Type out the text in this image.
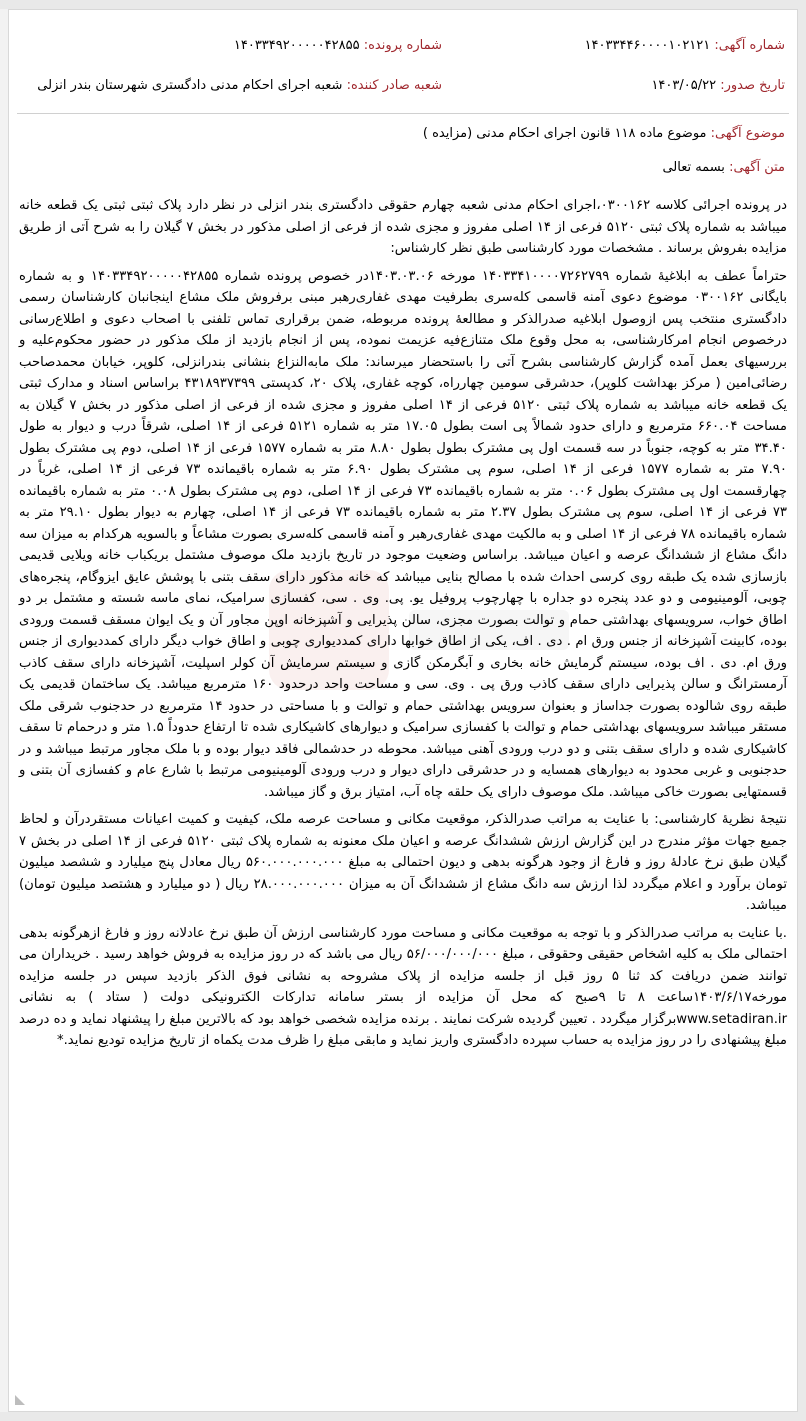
شماره آگهی: ۱۴۰۳۳۴۴۶۰۰۰۰۱۰۲۱۲۱
شماره پرونده: ۱۴۰۳۳۴۹۲۰۰۰۰۰۴۲۸۵۵
تاریخ صدور: ۱۴۰۳/۰۵/۲۲
شعبه صادر کننده: شعبه اجرای احکام مدنی دادگستری شهرستان بندر انزلی
موضوع آگهی: موضوع ماده ۱۱۸ قانون اجرای احکام مدنی (مزایده )
متن آگهی: بسمه تعالی

در پرونده اجرائی کلاسه ۰۳۰۰۱۶۲،اجرای احکام مدنی شعبه چهارم حقوقی دادگستری بندر انزلی در نظر دارد پلاک ثبتی ثبتی یک قطعه خانه میباشد به شماره پلاک ثبتی ۵۱۲۰ فرعی از ۱۴ اصلی مفروز و مجزی شده از فرعی از اصلی مذکور در بخش ۷ گیلان را به شرح آتی از طریق مزایده بفروش برساند . مشخصات مورد کارشناسی طبق نظر کارشناس:

حتراماً عطف به ابلاغیهٔ شماره ۱۴۰۳۳۴۱۰۰۰۰۷۲۶۲۷۹۹ مورخه ۱۴۰۳.۰۳.۰۶در خصوص پرونده شماره ۱۴۰۳۳۴۹۲۰۰۰۰۰۴۲۸۵۵ و به شماره بایگانی ۰۳۰۰۱۶۲ موضوع دعوی آمنه قاسمی کله‌سری بطرفیت مهدی غفاری‌رهبر مبنی برفروش ملک مشاع اینجانبان کارشناسان رسمی دادگستری منتخب پس ازوصول ابلاغیه صدرالذکر و مطالعهٔ پرونده مربوطه، ضمن برقراری تماس تلفنی با اصحاب دعوی و اطلاع‌رسانی درخصوص انجام امرکارشناسی، به محل وقوع ملک متنازع‌فیه عزیمت نموده، پس از انجام بازدید از ملک مذکور در حضور محکوم‌علیه و بررسیهای بعمل آمده گزارش کارشناسی بشرح آتی را باستحضار میرساند: ملک مابه‌النزاع بنشانی بندرانزلی، کلوپر، خیابان محمدصاحب رضائی‌امین ( مرکز بهداشت کلوپر)، حدشرقی سومین چهارراه، کوچه غفاری، پلاک ۲۰، کدپستی ۴۳۱۸۹۳۷۳۹۹ براساس اسناد و مدارک ثبتی یک قطعه خانه میباشد به شماره پلاک ثبتی ۵۱۲۰ فرعی از ۱۴ اصلی مفروز و مجزی شده از فرعی از اصلی مذکور در بخش ۷ گیلان به مساحت ۶۶۰.۰۴ مترمربع و دارای حدود شمالاً پی است بطول ۱۷.۰۵ متر به شماره ۵۱۲۱ فرعی از ۱۴ اصلی، شرقاً درب و دیوار به طول ۳۴.۴۰ متر به کوچه، جنوباً در سه قسمت اول پی مشترک بطول بطول ۸.۸۰ متر به شماره ۱۵۷۷ فرعی از ۱۴ اصلی، دوم پی مشترک بطول ۷.۹۰ متر به شماره ۱۵۷۷ فرعی از ۱۴ اصلی، سوم پی مشترک بطول ۶.۹۰ متر به شماره باقیمانده ۷۳ فرعی از ۱۴ اصلی، غرباً در چهارقسمت اول پی مشترک بطول ۰.۰۶ متر به شماره باقیمانده ۷۳ فرعی از ۱۴ اصلی، دوم پی مشترک بطول ۰.۰۸ متر به شماره باقیمانده ۷۳ فرعی از ۱۴ اصلی، سوم پی مشترک بطول ۲.۳۷ متر به شماره باقیمانده ۷۳ فرعی از ۱۴ اصلی، چهارم به دیوار بطول ۲۹.۱۰ متر به شماره باقیمانده ۷۸ فرعی از ۱۴ اصلی و به مالکیت مهدی غفاری‌رهبر و آمنه قاسمی کله‌سری بصورت مشاعاً و بالسویه هرکدام به میزان سه دانگ مشاع از ششدانگ عرصه و اعیان میباشد. براساس وضعیت موجود در تاریخ بازدید ملک موصوف مشتمل بریکباب خانه ویلایی قدیمی بازسازی شده یک طبقه روی کرسی احداث شده با مصالح بنایی میباشد که خانه مذکور دارای سقف بتنی با پوشش عایق ایزوگام، پنجره‌های چوبی، آلومینیومی و دو عدد پنجره دو جداره با چهارچوب پروفیل یو. پی. وی . سی، کفسازی سرامیک، نمای ماسه شسته و مشتمل بر دو اطاق خواب، سرویسهای بهداشتی حمام و توالت بصورت مجزی، سالن پذیرایی و آشپزخانه اوپن مجاور آن و یک ایوان مسقف قسمت ورودی بوده، کابینت آشپزخانه از جنس ورق ام . دی . اف، یکی از اطاق خوابها دارای کمددیواری چوبی و اطاق خواب دیگر دارای کمددیواری از جنس ورق ام. دی . اف بوده، سیستم گرمایش خانه بخاری و آبگرمکن گازی و سیستم سرمایش آن کولر اسپلیت، آشپزخانه دارای سقف کاذب آرمسترانگ و سالن پذیرایی دارای سقف کاذب ورق پی . وی. سی و مساحت واحد درحدود ۱۶۰ مترمربع میباشد. یک ساختمان قدیمی یک طبقه روی شالوده بصورت جداساز و بعنوان سرویس بهداشتی حمام و توالت و با مساحتی در حدود ۱۴ مترمربع در حدجنوب شرقی ملک مستقر میباشد سرویسهای بهداشتی حمام و توالت با کفسازی سرامیک و دیوارهای کاشیکاری شده تا ارتفاع حدوداً ۱.۵ متر و درحمام تا سقف کاشیکاری شده و دارای سقف بتنی و دو درب ورودی آهنی میباشد. محوطه در حدشمالی فاقد دیوار بوده و با ملک مجاور مرتبط میباشد و در حدجنوبی و غربی محدود به دیوارهای همسایه و در حدشرقی دارای دیوار و درب ورودی آلومینیومی مرتبط با شارع عام و کفسازی آن بتنی و قسمتهایی بصورت خاکی میباشد. ملک موصوف دارای یک حلقه چاه آب، امتیاز برق و گاز میباشد.

نتیجهٔ نظریهٔ کارشناسی: با عنایت به مراتب صدرالذکر، موقعیت مکانی و مساحت عرصه ملک، کیفیت و کمیت اعیانات مستقردرآن و لحاظ جمیع جهات مؤثر مندرج در این گزارش ارزش ششدانگ عرصه و اعیان ملک معنونه به شماره پلاک ثبتی ۵۱۲۰ فرعی از ۱۴ اصلی در بخش ۷ گیلان طبق نرخ عادلهٔ روز و فارغ از وجود هرگونه بدهی و دیون احتمالی به مبلغ ۵۶۰.۰۰۰.۰۰۰.۰۰۰ ریال معادل پنج میلیارد و ششصد میلیون تومان برآورد و اعلام میگردد لذا ارزش سه دانگ مشاع از ششدانگ آن به میزان ۲۸.۰۰۰.۰۰۰.۰۰۰ ریال ( دو میلیارد و هشتصد میلیون تومان) میباشد.

.با عنایت به مراتب صدرالذکر و با توجه به موقعیت مکانی و مساحت مورد کارشناسی ارزش آن طبق نرخ عادلانه روز و فارغ ازهرگونه بدهی احتمالی ملک به کلیه اشخاص حقیقی وحقوقی ، مبلغ ۵۶/۰۰۰/۰۰۰/۰۰۰ ریال می باشد که در روز مزایده به فروش خواهد رسید . خریداران می توانند ضمن دریافت کد ثنا ۵ روز قبل از جلسه مزایده از پلاک مشروحه به نشانی فوق الذکر بازدید سپس در جلسه مزایده مورخه۱۴۰۳/۶/۱۷ساعت ۸ تا ۹صبح که محل آن مزایده از بستر سامانه تدارکات الکترونیکی دولت ( ستاد ) به نشانی www.setadiran.irبرگزار میگردد . تعیین گردیده شرکت نمایند . برنده مزایده شخصی خواهد بود که بالاترین مبلغ را پیشنهاد نماید و ده درصد مبلغ پیشنهادی را در روز مزایده به حساب سپرده دادگستری واریز نماید و مابقی مبلغ را ظرف مدت یکماه از تاریخ مزایده تودیع نماید.*
